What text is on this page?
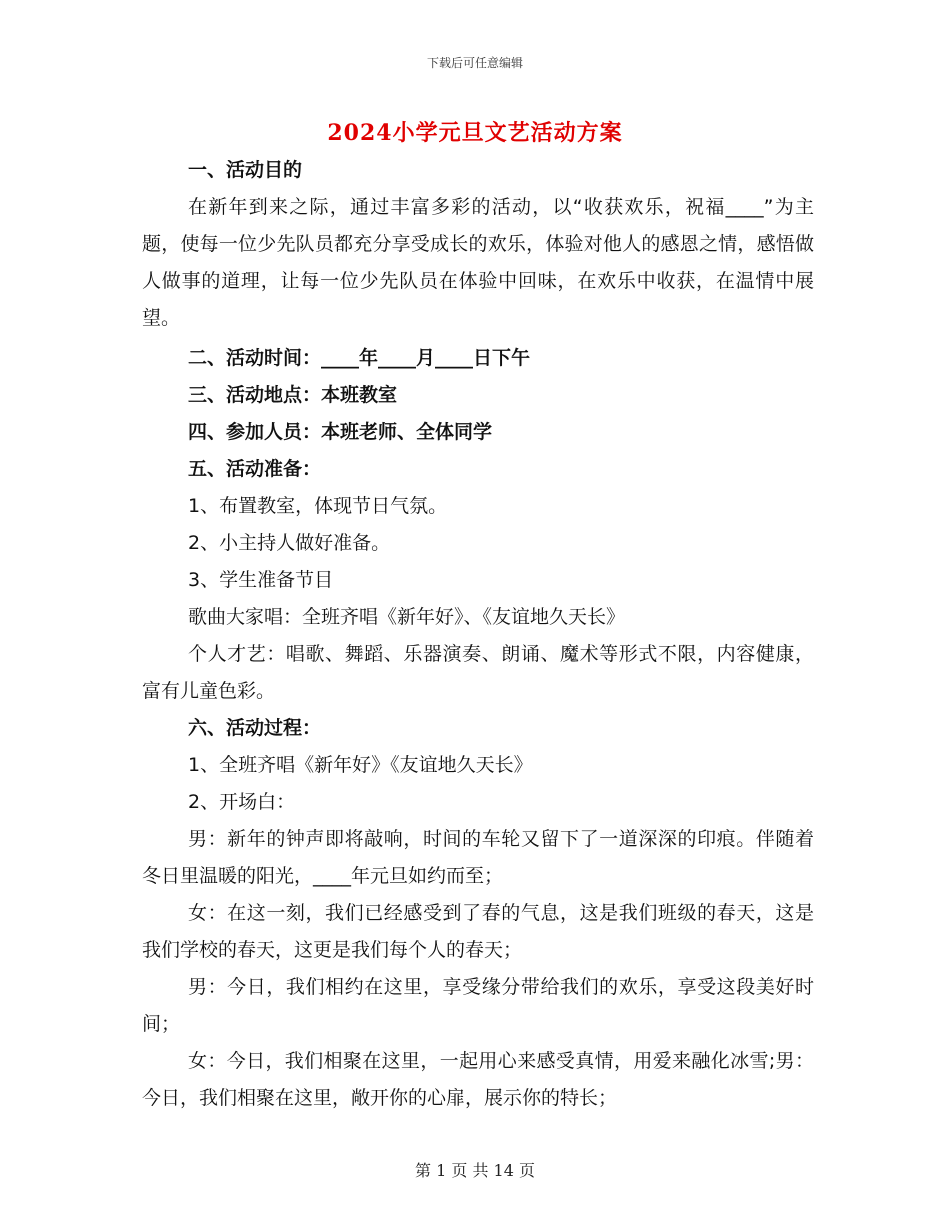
下载后可任意编辑
2024小学元旦文艺活动方案

一、活动目的

在新年到来之际，通过丰富多彩的活动，以“收获欢乐，祝福____”为主题，使每一位少先队员都充分享受成长的欢乐，体验对他人的感恩之情，感悟做人做事的道理，让每一位少先队员在体验中回味，在欢乐中收获，在温情中展望。

二、活动时间：____年____月____日下午

三、活动地点：本班教室

四、参加人员：本班老师、全体同学

五、活动准备：

1、布置教室，体现节日气氛。

2、小主持人做好准备。

3、学生准备节目

歌曲大家唱：全班齐唱《新年好》、《友谊地久天长》

个人才艺：唱歌、舞蹈、乐器演奏、朗诵、魔术等形式不限，内容健康，富有儿童色彩。

六、活动过程：

1、全班齐唱《新年好》《友谊地久天长》

2、开场白：

男：新年的钟声即将敲响，时间的车轮又留下了一道深深的印痕。伴随着冬日里温暖的阳光，____年元旦如约而至；

女：在这一刻，我们已经感受到了春的气息，这是我们班级的春天，这是我们学校的春天，这更是我们每个人的春天；

男：今日，我们相约在这里，享受缘分带给我们的欢乐，享受这段美好时间；

女：今日，我们相聚在这里，一起用心来感受真情，用爱来融化冰雪;男：今日，我们相聚在这里，敞开你的心扉，展示你的特长；

第 1 页 共 14 页
